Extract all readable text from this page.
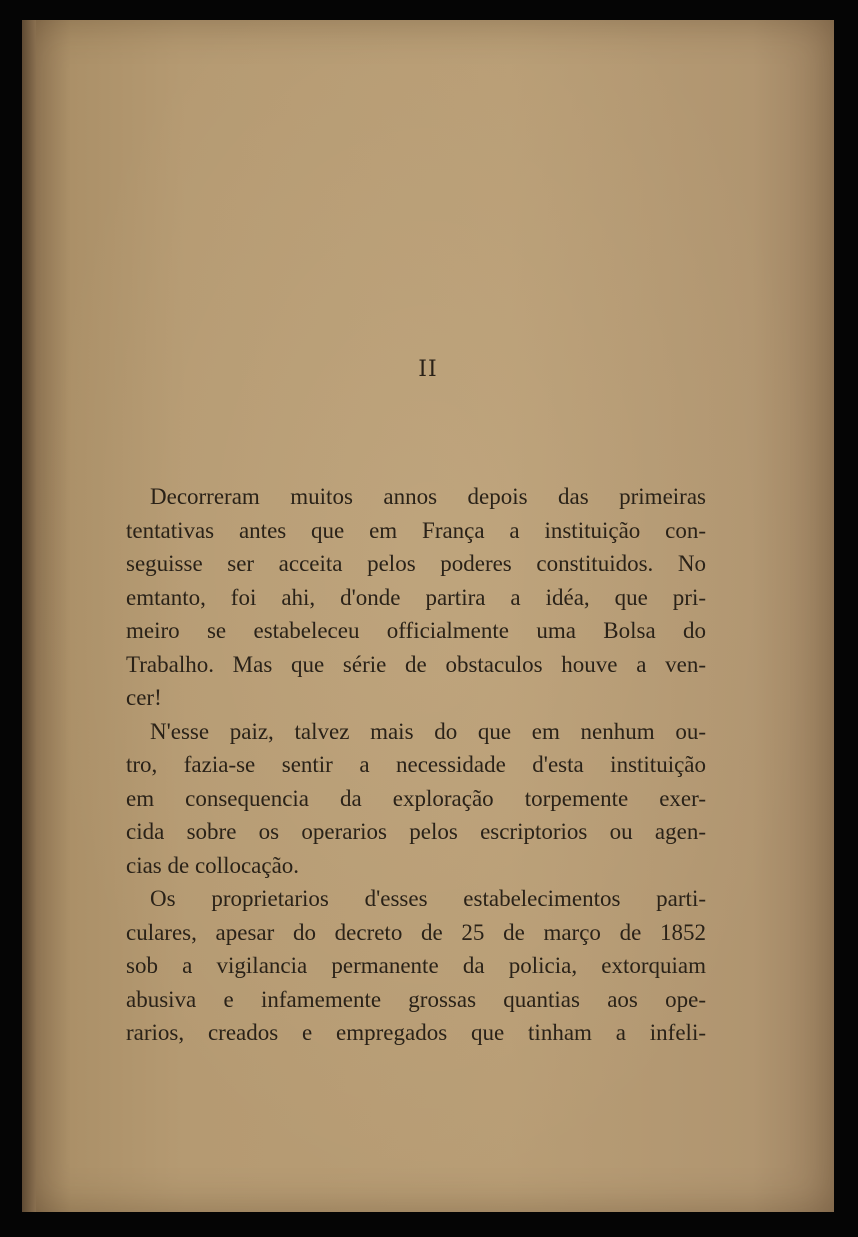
II
Decorreram muitos annos depois das primeiras
tentativas antes que em França a instituição con-
seguisse ser acceita pelos poderes constituidos. No
emtanto, foi ahi, d'onde partira a idéa, que pri-
meiro se estabeleceu officialmente uma Bolsa do
Trabalho. Mas que série de obstaculos houve a ven-
cer!
N'esse paiz, talvez mais do que em nenhum ou-
tro, fazia-se sentir a necessidade d'esta instituição
em consequencia da exploração torpemente exer-
cida sobre os operarios pelos escriptorios ou agen-
cias de collocação.
Os proprietarios d'esses estabelecimentos parti-
culares, apesar do decreto de 25 de março de 1852
sob a vigilancia permanente da policia, extorquiam
abusiva e infamemente grossas quantias aos ope-
rarios, creados e empregados que tinham a infeli-
